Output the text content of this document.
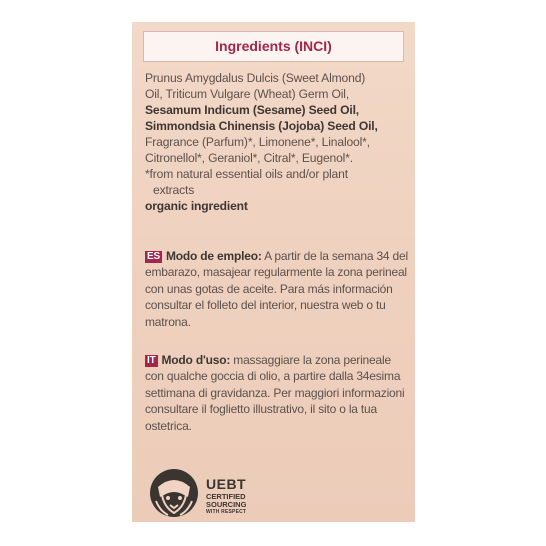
Ingredients (INCI)

Prunus Amygdalus Dulcis (Sweet Almond)

Oil, Triticum Vulgare (Wheat) Germ Oil,

Sesamum Indicum (Sesame) Seed Oil,

Simmondsia Chinensis (Jojoba) Seed Oil,

Fragrance (Parfum)*, Limonene*, Linalool*,

Citronellol*, Geraniol*, Citral*, Eugenol*.

*from natural essential oils and/or plant

extracts

organic ingredient

ES Modo de empleo: A partir de la semana 34 del embarazo, masajear regularmente la zona perineal con unas gotas de aceite. Para más información consultar el folleto del interior, nuestra web o tu matrona.
IT Modo d'uso: massaggiare la zona perineale con qualche goccia di olio, a partire dalla 34esima settimana di gravidanza. Per maggiori informazioni consultare il foglietto illustrativo, il sito o la tua ostetrica.
UEBT
CERTIFIED
SOURCING
WITH RESPECT
